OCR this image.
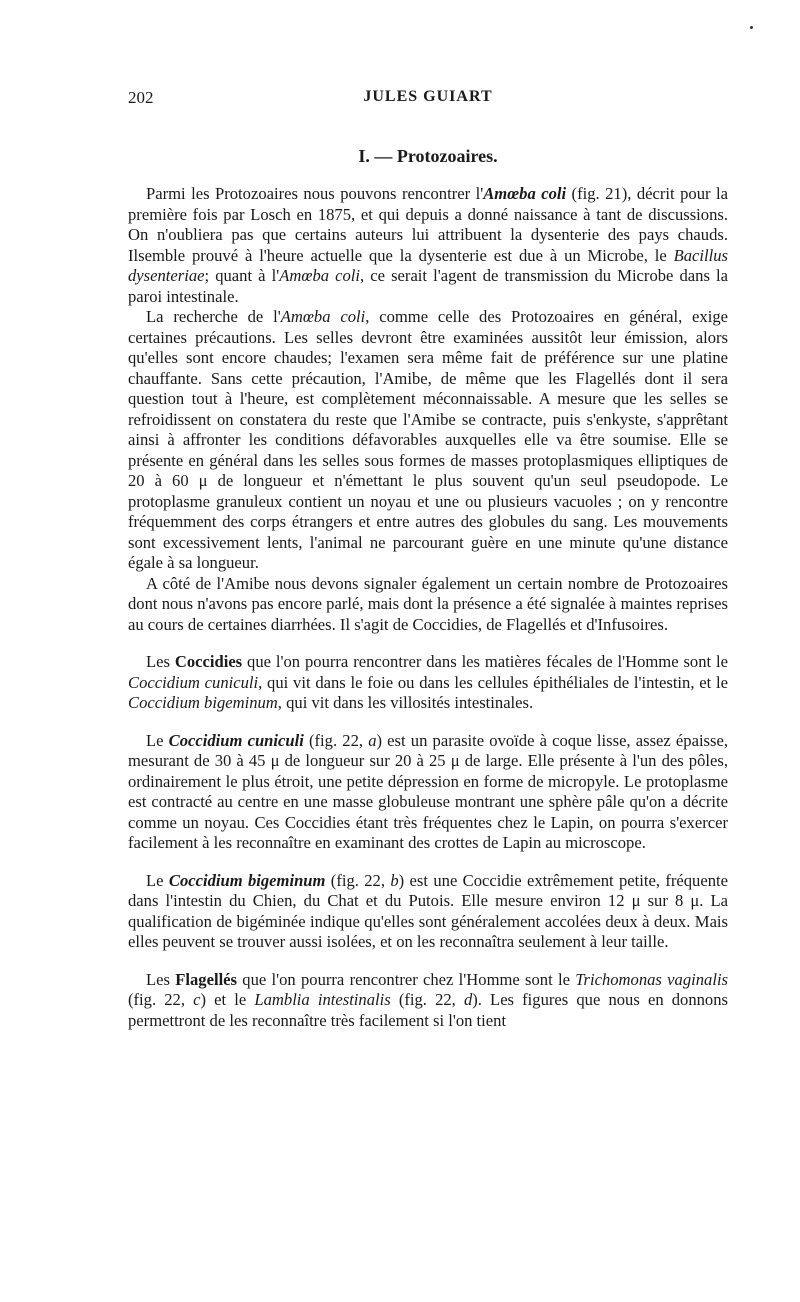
202	JULES GUIART
I. — Protozoaires.

Parmi les Protozoaires nous pouvons rencontrer l'Amœba coli (fig. 21), décrit pour la première fois par Losch en 1875, et qui depuis a donné naissance à tant de discussions. On n'oubliera pas que certains auteurs lui attribuent la dysenterie des pays chauds. Ilsemble prouvé à l'heure actuelle que la dysenterie est due à un Microbe, le Bacillus dysenteriae; quant à l'Amœba coli, ce serait l'agent de transmission du Microbe dans la paroi intestinale.

La recherche de l'Amœba coli, comme celle des Protozoaires en général, exige certaines précautions. Les selles devront être examinées aussitôt leur émission, alors qu'elles sont encore chaudes; l'examen sera même fait de préférence sur une platine chauffante. Sans cette précaution, l'Amibe, de même que les Flagellés dont il sera question tout à l'heure, est complètement méconnaissable. A mesure que les selles se refroidissent on constatera du reste que l'Amibe se contracte, puis s'enkyste, s'apprêtant ainsi à affronter les conditions défavorables auxquelles elle va être soumise. Elle se présente en général dans les selles sous formes de masses protoplasmiques elliptiques de 20 à 60 μ de longueur et n'émettant le plus souvent qu'un seul pseudopode. Le protoplasme granuleux contient un noyau et une ou plusieurs vacuoles ; on y rencontre fréquemment des corps étrangers et entre autres des globules du sang. Les mouvements sont excessivement lents, l'animal ne parcourant guère en une minute qu'une distance égale à sa longueur.

A côté de l'Amibe nous devons signaler également un certain nombre de Protozoaires dont nous n'avons pas encore parlé, mais dont la présence a été signalée à maintes reprises au cours de certaines diarrhées. Il s'agit de Coccidies, de Flagellés et d'Infusoires.

Les Coccidies que l'on pourra rencontrer dans les matières fécales de l'Homme sont le Coccidium cuniculi, qui vit dans le foie ou dans les cellules épithéliales de l'intestin, et le Coccidium bigeminum, qui vit dans les villosités intestinales.

Le Coccidium cuniculi (fig. 22, a) est un parasite ovoïde à coque lisse, assez épaisse, mesurant de 30 à 45 μ de longueur sur 20 à 25 μ de large. Elle présente à l'un des pôles, ordinairement le plus étroit, une petite dépression en forme de micropyle. Le protoplasme est contracté au centre en une masse globuleuse montrant une sphère pâle qu'on a décrite comme un noyau. Ces Coccidies étant très fréquentes chez le Lapin, on pourra s'exercer facilement à les reconnaître en examinant des crottes de Lapin au microscope.

Le Coccidium bigeminum (fig. 22, b) est une Coccidie extrêmement petite, fréquente dans l'intestin du Chien, du Chat et du Putois. Elle mesure environ 12 μ sur 8 μ. La qualification de bigéminée indique qu'elles sont généralement accolées deux à deux. Mais elles peuvent se trouver aussi isolées, et on les reconnaîtra seulement à leur taille.

Les Flagellés que l'on pourra rencontrer chez l'Homme sont le Trichomonas vaginalis (fig. 22, c) et le Lamblia intestinalis (fig. 22, d). Les figures que nous en donnons permettront de les reconnaître très facilement si l'on tient
